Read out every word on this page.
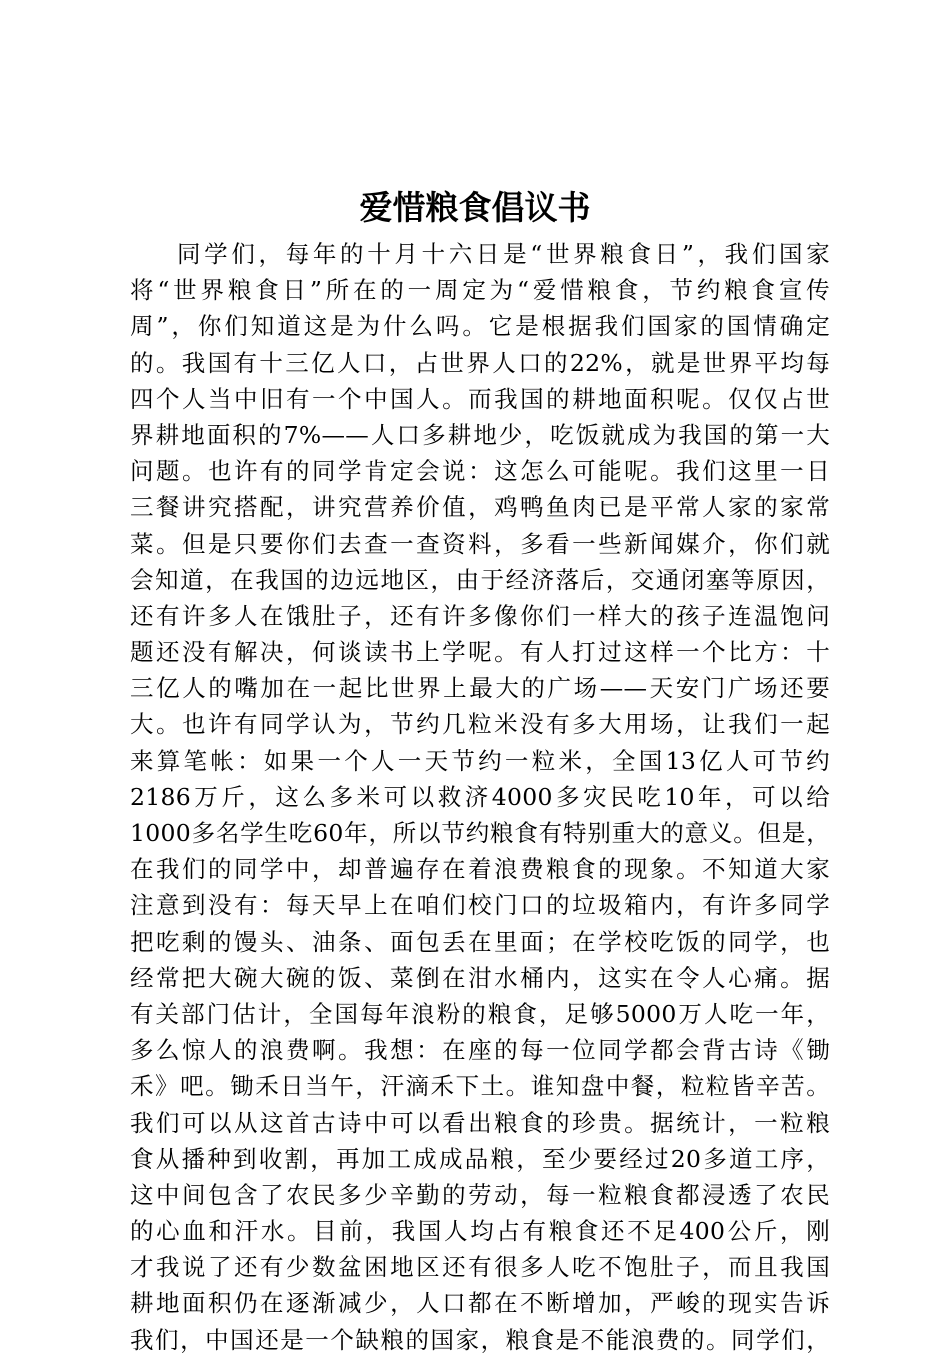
爱惜粮食倡议书
同学们，每年的十月十六日是“世界粮食日”，我们国家
将“世界粮食日”所在的一周定为“爱惜粮食，节约粮食宣传
周”，你们知道这是为什么吗。它是根据我们国家的国情确定
的。我国有十三亿人口，占世界人口的22%，就是世界平均每
四个人当中旧有一个中国人。而我国的耕地面积呢。仅仅占世
界耕地面积的7%——人口多耕地少，吃饭就成为我国的第一大
问题。也许有的同学肯定会说：这怎么可能呢。我们这里一日
三餐讲究搭配，讲究营养价值，鸡鸭鱼肉已是平常人家的家常
菜。但是只要你们去查一查资料，多看一些新闻媒介，你们就
会知道，在我国的边远地区，由于经济落后，交通闭塞等原因，
还有许多人在饿肚子，还有许多像你们一样大的孩子连温饱问
题还没有解决，何谈读书上学呢。有人打过这样一个比方：十
三亿人的嘴加在一起比世界上最大的广场——天安门广场还要
大。也许有同学认为，节约几粒米没有多大用场，让我们一起
来算笔帐：如果一个人一天节约一粒米，全国13亿人可节约
2186万斤，这么多米可以救济4000多灾民吃10年，可以给
1000多名学生吃60年，所以节约粮食有特别重大的意义。但是，
在我们的同学中，却普遍存在着浪费粮食的现象。不知道大家
注意到没有：每天早上在咱们校门口的垃圾箱内，有许多同学
把吃剩的馒头、油条、面包丢在里面；在学校吃饭的同学，也
经常把大碗大碗的饭、菜倒在泔水桶内，这实在令人心痛。据
有关部门估计，全国每年浪粉的粮食，足够5000万人吃一年，
多么惊人的浪费啊。我想：在座的每一位同学都会背古诗《锄
禾》吧。锄禾日当午，汗滴禾下土。谁知盘中餐，粒粒皆辛苦。
我们可以从这首古诗中可以看出粮食的珍贵。据统计，一粒粮
食从播种到收割，再加工成成品粮，至少要经过20多道工序，
这中间包含了农民多少辛勤的劳动，每一粒粮食都浸透了农民
的心血和汗水。目前，我国人均占有粮食还不足400公斤，刚
才我说了还有少数盆困地区还有很多人吃不饱肚子，而且我国
耕地面积仍在逐渐减少，人口都在不断增加，严峻的现实告诉
我们，中国还是一个缺粮的国家，粮食是不能浪费的。同学们，
